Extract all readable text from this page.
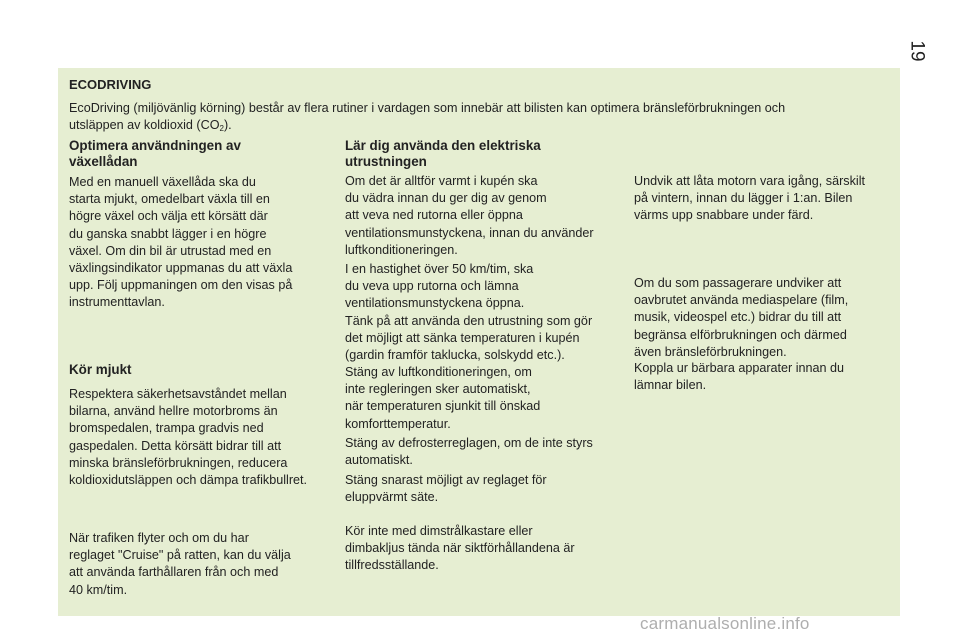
19
ECODRIVING
EcoDriving (miljövänlig körning) består av flera rutiner i vardagen som innebär att bilisten kan optimera bränsleförbrukningen och
utsläppen av koldioxid $(CO_2)$.
Optimera användningen av
växellådan
Med en manuell växellåda ska du
starta mjukt, omedelbart växla till en
högre växel och välja ett körsätt där
du ganska snabbt lägger i en högre
växel. Om din bil är utrustad med en
växlingsindikator uppmanas du att växla
upp. Följ uppmaningen om den visas på
instrumenttavlan.
Kör mjukt
Respektera säkerhetsavståndet mellan
bilarna, använd hellre motorbroms än
bromspedalen, trampa gradvis ned
gaspedalen. Detta körsätt bidrar till att
minska bränsleförbrukningen, reducera
koldioxidutsläppen och dämpa trafikbullret.
När trafiken flyter och om du har
reglaget "Cruise" på ratten, kan du välja
att använda farthållaren från och med
40 km/tim.
Lär dig använda den elektriska
utrustningen
Om det är alltför varmt i kupén ska
du vädra innan du ger dig av genom
att veva ned rutorna eller öppna
ventilationsmunstyckena, innan du använder
luftkonditioneringen.
I en hastighet över 50 km/tim, ska
du veva upp rutorna och lämna
ventilationsmunstyckena öppna.
Tänk på att använda den utrustning som gör
det möjligt att sänka temperaturen i kupén
(gardin framför taklucka, solskydd etc.).
Stäng av luftkonditioneringen, om
inte regleringen sker automatiskt,
när temperaturen sjunkit till önskad
komforttemperatur.
Stäng av defrosterreglagen, om de inte styrs
automatiskt.
Stäng snarast möjligt av reglaget för
eluppvärmt säte.
Kör inte med dimstrålkastare eller
dimbakljus tända när siktförhållandena är
tillfredsställande.
Undvik att låta motorn vara igång, särskilt
på vintern, innan du lägger i 1:an. Bilen
värms upp snabbare under färd.
Om du som passagerare undviker att
oavbrutet använda mediaspelare (film,
musik, videospel etc.) bidrar du till att
begränsa elförbrukningen och därmed
även bränsleförbrukningen.
Koppla ur bärbara apparater innan du
lämnar bilen.
carmanualsonline.info
